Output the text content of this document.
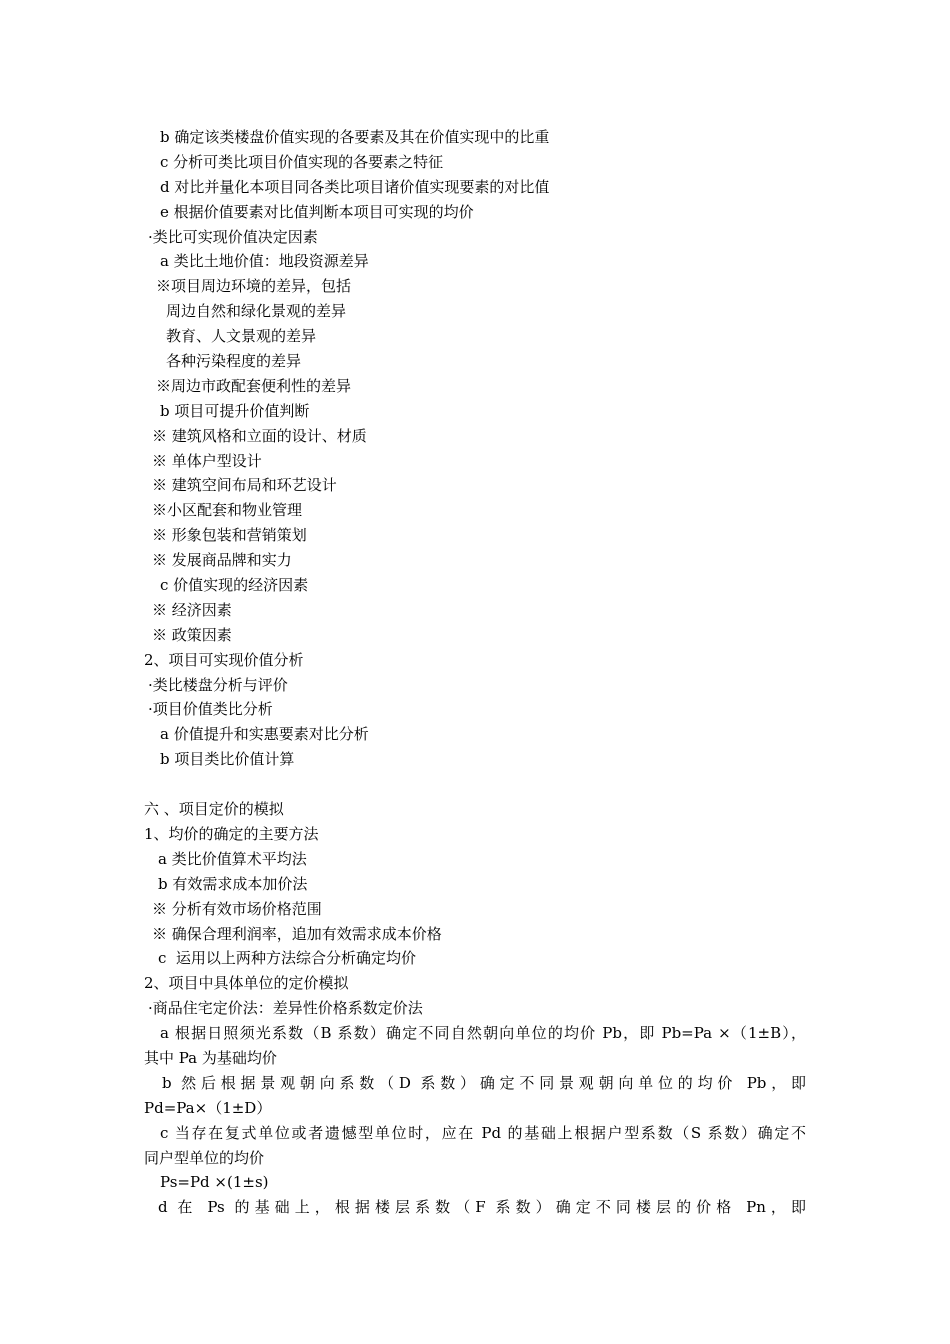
b 确定该类楼盘价值实现的各要素及其在价值实现中的比重
c 分析可类比项目价值实现的各要素之特征
d 对比并量化本项目同各类比项目诸价值实现要素的对比值
e 根据价值要素对比值判断本项目可实现的均价
·类比可实现价值决定因素
a 类比土地价值：地段资源差异
※项目周边环境的差异，包括
周边自然和绿化景观的差异
教育、人文景观的差异
各种污染程度的差异
※周边市政配套便利性的差异
b 项目可提升价值判断
※ 建筑风格和立面的设计、材质
※ 单体户型设计
※ 建筑空间布局和环艺设计
※小区配套和物业管理
※ 形象包装和营销策划
※ 发展商品牌和实力
c 价值实现的经济因素
※ 经济因素
※ 政策因素
2、项目可实现价值分析
·类比楼盘分析与评价
·项目价值类比分析
a 价值提升和实惠要素对比分析
b 项目类比价值计算
六 、项目定价的模拟
1、均价的确定的主要方法
a 类比价值算术平均法
b 有效需求成本加价法
※ 分析有效市场价格范围
※ 确保合理利润率，追加有效需求成本价格
c  运用以上两种方法综合分析确定均价
2、项目中具体单位的定价模拟
·商品住宅定价法：差异性价格系数定价法
a 根据日照须光系数（B 系数）确定不同自然朝向单位的均价 Pb，即 Pb=Pa ×（1±B），
其中 Pa 为基础均价
b 然后根据景观朝向系数（D 系数）确定不同景观朝向单位的均价 Pb，即
Pd=Pa×（1±D）
c 当存在复式单位或者遗憾型单位时，应在 Pd 的基础上根据户型系数（S 系数）确定不
同户型单位的均价
Ps=Pd ×(1±s)
d 在 Ps 的基础上，根据楼层系数（F 系数）确定不同楼层的价格 Pn，即
